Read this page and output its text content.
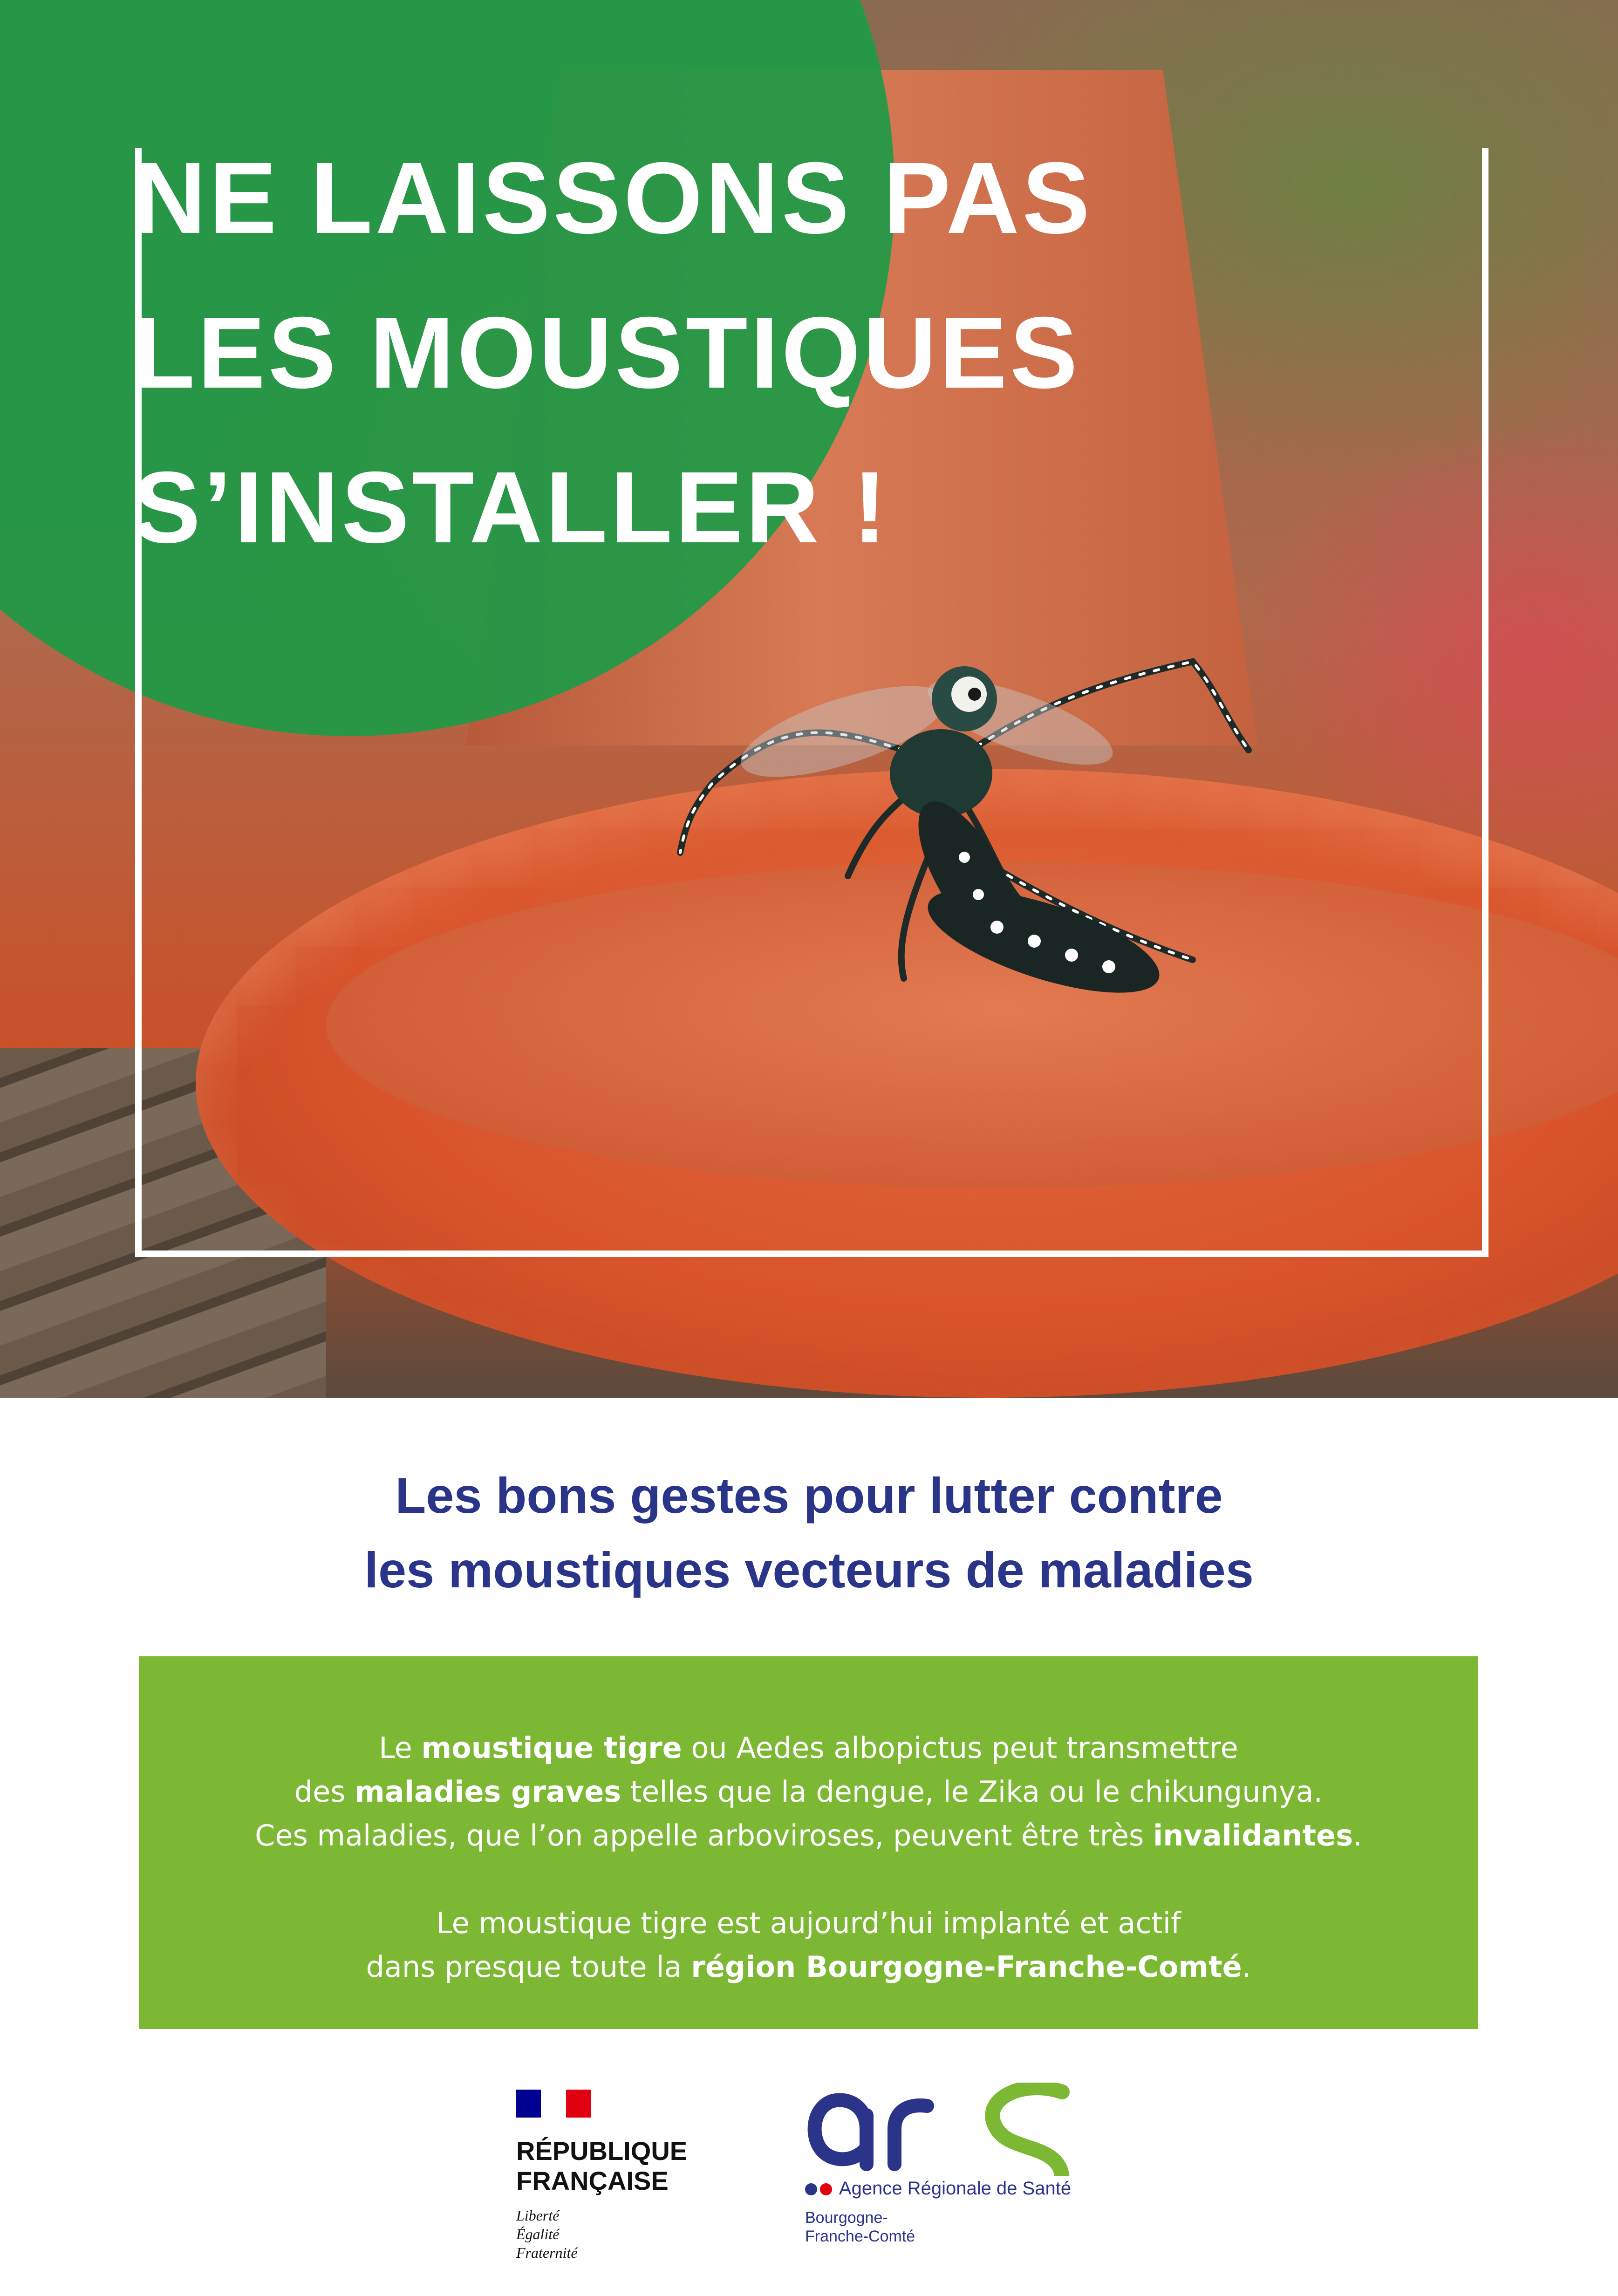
NE LAISSONS PAS
LES MOUSTIQUES
S’INSTALLER !
Les bons gestes pour lutter contre
les moustiques vecteurs de maladies

Le moustique tigre ou Aedes albopictus peut transmettre
des maladies graves telles que la dengue, le Zika ou le chikungunya.
Ces maladies, que l’on appelle arboviroses, peuvent être très invalidantes.

Le moustique tigre est aujourd’hui implanté et actif
dans presque toute la région Bourgogne-Franche-Comté.

RÉPUBLIQUE
FRANÇAISE

Liberté
Égalité
Fraternité

Agence Régionale de Santé

Bourgogne-
Franche-Comté
